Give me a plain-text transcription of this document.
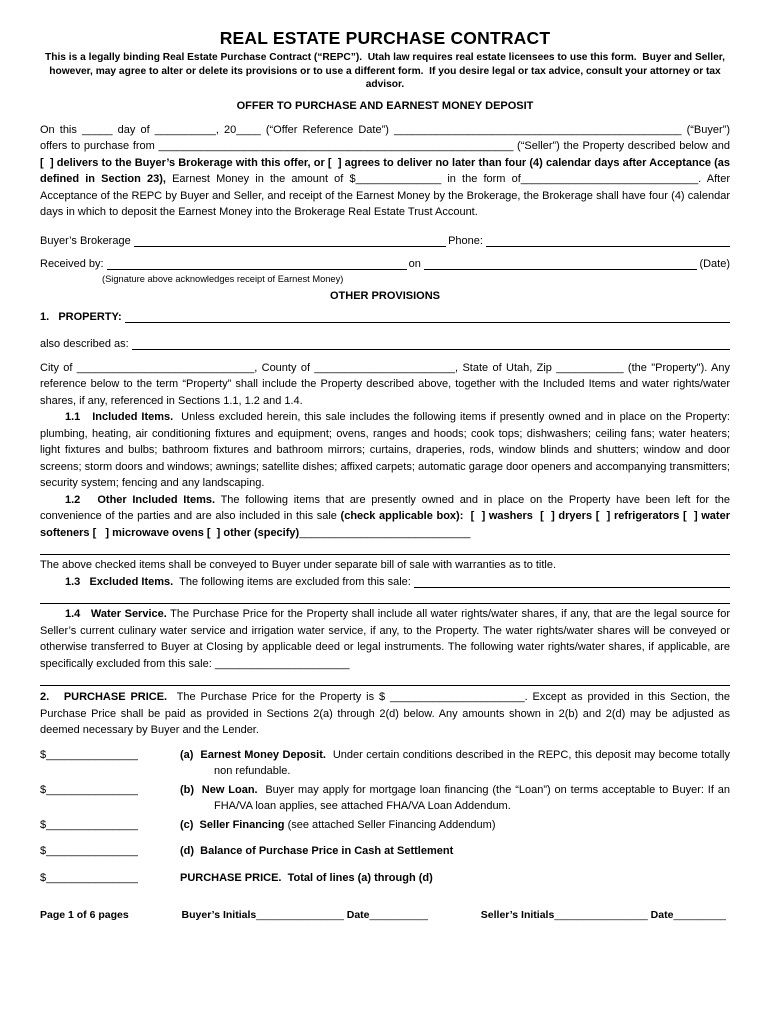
REAL ESTATE PURCHASE CONTRACT
This is a legally binding Real Estate Purchase Contract (“REPC”).  Utah law requires real estate licensees to use this form.  Buyer and Seller, however, may agree to alter or delete its provisions or to use a different form.  If you desire legal or tax advice, consult your attorney or tax advisor.
OFFER TO PURCHASE AND EARNEST MONEY DEPOSIT
On this _____ day of __________, 20____ (“Offer Reference Date”) _______________________________________________ (“Buyer”) offers to purchase from __________________________________________________________ (“Seller”) the Property described below and [  ] delivers to the Buyer’s Brokerage with this offer, or [  ] agrees to deliver no later than four (4) calendar days after Acceptance (as defined in Section 23), Earnest Money in the amount of $______________ in the form of_____________________________. After Acceptance of the REPC by Buyer and Seller, and receipt of the Earnest Money by the Brokerage, the Brokerage shall have four (4) calendar days in which to deposit the Earnest Money into the Brokerage Real Estate Trust Account.
Buyer’s Brokerage	Phone:
Received by:	on	(Date)
(Signature above acknowledges receipt of Earnest Money)
OTHER PROVISIONS
1.   PROPERTY:
also described as:
City of _____________________________, County of _______________________, State of Utah, Zip ___________ (the "Property"). Any reference below to the term “Property” shall include the Property described above, together with the Included Items and water rights/water shares, if any, referenced in Sections 1.1, 1.2 and 1.4.
1.1   Included Items.  Unless excluded herein, this sale includes the following items if presently owned and in place on the Property: plumbing, heating, air conditioning fixtures and equipment; ovens, ranges and hoods; cook tops; dishwashers; ceiling fans; water heaters; light fixtures and bulbs; bathroom fixtures and bathroom mirrors; curtains, draperies, rods, window blinds and shutters; window and door screens; storm doors and windows; awnings; satellite dishes; affixed carpets; automatic garage door openers and accompanying transmitters; security system; fencing and any landscaping.
1.2   Other Included Items. The following items that are presently owned and in place on the Property have been left for the convenience of the parties and are also included in this sale (check applicable box):  [  ] washers  [  ] dryers [  ] refrigerators [  ] water softeners [   ] microwave ovens [  ] other (specify)____________________________
The above checked items shall be conveyed to Buyer under separate bill of sale with warranties as to title.
1.3   Excluded Items. The following items are excluded from this sale:
1.4   Water Service. The Purchase Price for the Property shall include all water rights/water shares, if any, that are the legal source for Seller’s current culinary water service and irrigation water service, if any, to the Property. The water rights/water shares will be conveyed or otherwise transferred to Buyer at Closing by applicable deed or legal instruments. The following water rights/water shares, if applicable, are specifically excluded from this sale: ______________________
2.   PURCHASE PRICE.  The Purchase Price for the Property is $ ______________________. Except as provided in this Section, the Purchase Price shall be paid as provided in Sections 2(a) through 2(d) below. Any amounts shown in 2(b) and 2(d) may be adjusted as deemed necessary by Buyer and the Lender.
$_______________	(a)  Earnest Money Deposit.  Under certain conditions described in the REPC, this deposit may become totally non refundable.
$_______________	(b)  New Loan.  Buyer may apply for mortgage loan financing (the “Loan”) on terms acceptable to Buyer: If an FHA/VA loan applies, see attached FHA/VA Loan Addendum.
$_______________	(c)  Seller Financing (see attached Seller Financing Addendum)
$_______________	(d)  Balance of Purchase Price in Cash at Settlement
$_______________	PURCHASE PRICE.  Total of lines (a) through (d)
Page 1 of 6 pages	Buyer’s Initials_______________ Date__________	Seller’s Initials________________ Date_________
